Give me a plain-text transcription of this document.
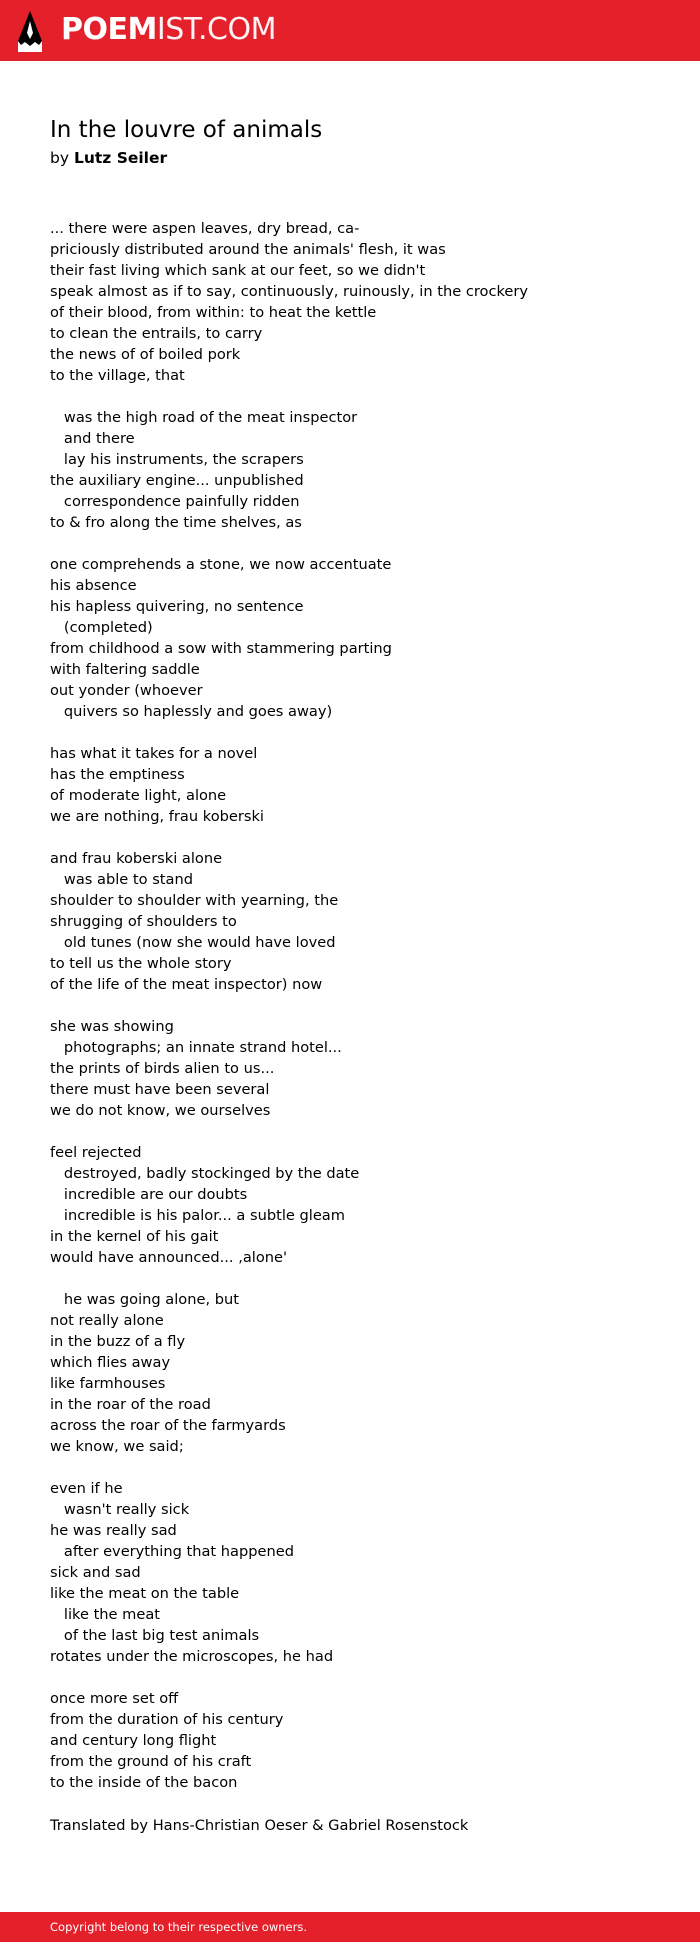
POEMIST.COM
In the louvre of animals
by Lutz Seiler
... there were aspen leaves, dry bread, ca-
priciously distributed around the animals' flesh, it was
their fast living which sank at our feet, so we didn't
speak almost as if to say, continuously, ruinously, in the crockery
of their blood, from within: to heat the kettle
to clean the entrails, to carry
the news of of boiled pork
to the village, that
was the high road of the meat inspector
and there
lay his instruments, the scrapers
the auxiliary engine... unpublished
correspondence painfully ridden
to & fro along the time shelves, as
one comprehends a stone, we now accentuate
his absence
his hapless quivering, no sentence
(completed)
from childhood a sow with stammering parting
with faltering saddle
out yonder (whoever
quivers so haplessly and goes away)
has what it takes for a novel
has the emptiness
of moderate light, alone
we are nothing, frau koberski
and frau koberski alone
was able to stand
shoulder to shoulder with yearning, the
shrugging of shoulders to
old tunes (now she would have loved
to tell us the whole story
of the life of the meat inspector) now
she was showing
photographs; an innate strand hotel...
the prints of birds alien to us...
there must have been several
we do not know, we ourselves
feel rejected
destroyed, badly stockinged by the date
incredible are our doubts
incredible is his palor... a subtle gleam
in the kernel of his gait
would have announced... ,alone'
he was going alone, but
not really alone
in the buzz of a fly
which flies away
like farmhouses
in the roar of the road
across the roar of the farmyards
we know, we said;
even if he
wasn't really sick
he was really sad
after everything that happened
sick and sad
like the meat on the table
like the meat
of the last big test animals
rotates under the microscopes, he had
once more set off
from the duration of his century
and century long flight
from the ground of his craft
to the inside of the bacon
Translated by Hans-Christian Oeser & Gabriel Rosenstock
Copyright belong to their respective owners.
